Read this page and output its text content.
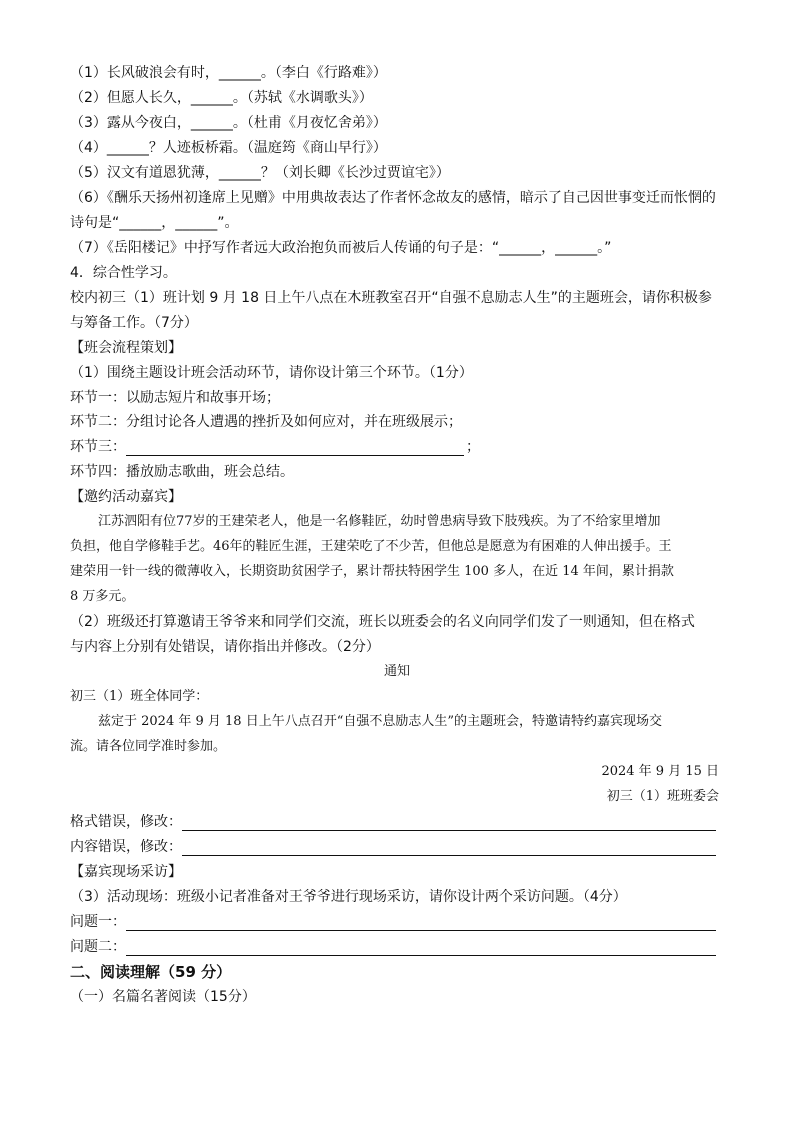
（1）长风破浪会有时，______。（李白《行路难》）
（2）但愿人长久，______。（苏轼《水调歌头》）
（3）露从今夜白，______。（杜甫《月夜忆舍弟》）
（4）______？人迹板桥霜。（温庭筠《商山早行》）
（5）汉文有道恩犹薄，______？（刘长卿《长沙过贾谊宅》）
（6）《酬乐天扬州初逢席上见赠》中用典故表达了作者怀念故友的感情，暗示了自己因世事变迁而怅惘的
诗句是“______，______”。
（7）《岳阳楼记》中抒写作者远大政治抱负而被后人传诵的句子是：“______，______。”
4．综合性学习。
校内初三（1）班计划 9 月 18 日上午八点在木班教室召开“自强不息励志人生”的主题班会，请你积极参
与筹备工作。（7分）
【班会流程策划】
（1）围绕主题设计班会活动环节，请你设计第三个环节。（1分）
环节一：以励志短片和故事开场；
环节二：分组讨论各人遭遇的挫折及如何应对，并在班级展示；
环节三：	；
环节四：播放励志歌曲，班会总结。
【邀约活动嘉宾】
江苏泗阳有位77岁的王建荣老人，他是一名修鞋匠，幼时曾患病导致下肢残疾。为了不给家里增加
负担，他自学修鞋手艺。46年的鞋匠生涯，王建荣吃了不少苦，但他总是愿意为有困难的人伸出援手。王
建荣用一针一线的微薄收入，长期资助贫困学子，累计帮扶特困学生 100 多人，在近 14 年间，累计捐款
8 万多元。
（2）班级还打算邀请王爷爷来和同学们交流，班长以班委会的名义向同学们发了一则通知，但在格式
与内容上分别有处错误，请你指出并修改。（2分）
通知
初三（1）班全体同学：
兹定于 2024 年 9 月 18 日上午八点召开“自强不息励志人生”的主题班会，特邀请特约嘉宾现场交
流。请各位同学准时参加。
2024 年 9 月 15 日
初三（1）班班委会
格式错误，修改：
内容错误，修改：
【嘉宾现场采访】
（3）活动现场：班级小记者准备对王爷爷进行现场采访，请你设计两个采访问题。（4分）
问题一：
问题二：
二、阅读理解（59 分）
（一）名篇名著阅读（15分）
